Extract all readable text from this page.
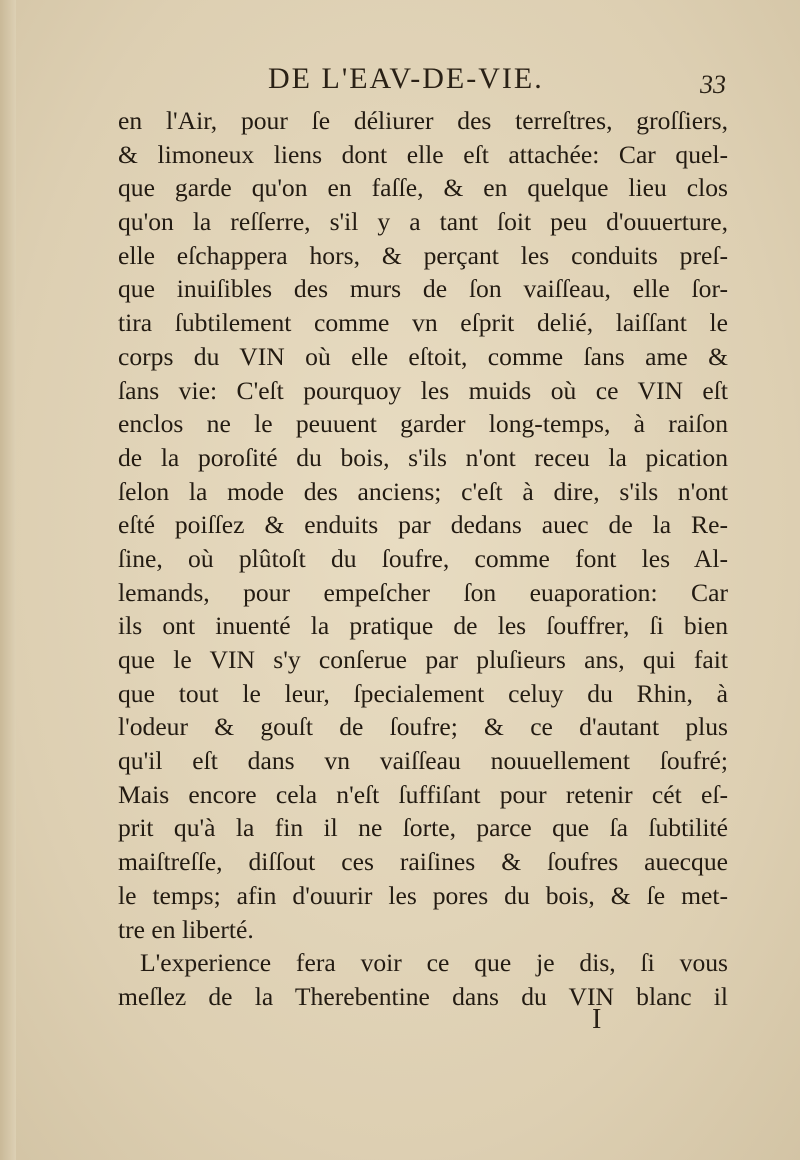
DE L'EAV-DE-VIE.	33
en l'Air, pour ſe déliurer des terreſtres, groſſiers,
& limoneux liens dont elle eſt attachée: Car quel-
que garde qu'on en faſſe, & en quelque lieu clos
qu'on la reſſerre, s'il y a tant ſoit peu d'ouuerture,
elle eſchappera hors, & perçant les conduits preſ-
que inuiſibles des murs de ſon vaiſſeau, elle ſor-
tira ſubtilement comme vn eſprit delié, laiſſant le
corps du VIN où elle eſtoit, comme ſans ame &
ſans vie: C'eſt pourquoy les muids où ce VIN eſt
enclos ne le peuuent garder long-temps, à raiſon
de la poroſité du bois, s'ils n'ont receu la pication
ſelon la mode des anciens; c'eſt à dire, s'ils n'ont
eſté poiſſez & enduits par dedans auec de la Re-
ſine, où plûtoſt du ſoufre, comme font les Al-
lemands, pour empeſcher ſon euaporation: Car
ils ont inuenté la pratique de les ſouffrer, ſi bien
que le VIN s'y conſerue par pluſieurs ans, qui fait
que tout le leur, ſpecialement celuy du Rhin, à
l'odeur & gouſt de ſoufre; & ce d'autant plus
qu'il eſt dans vn vaiſſeau nouuellement ſoufré;
Mais encore cela n'eſt ſuffiſant pour retenir cét eſ-
prit qu'à la fin il ne ſorte, parce que ſa ſubtilité
maiſtreſſe, diſſout ces raiſines & ſoufres auecque
le temps; afin d'ouurir les pores du bois, & ſe met-
tre en liberté.
L'experience fera voir ce que je dis, ſi vous
meſlez de la Therebentine dans du VIN blanc il
I
